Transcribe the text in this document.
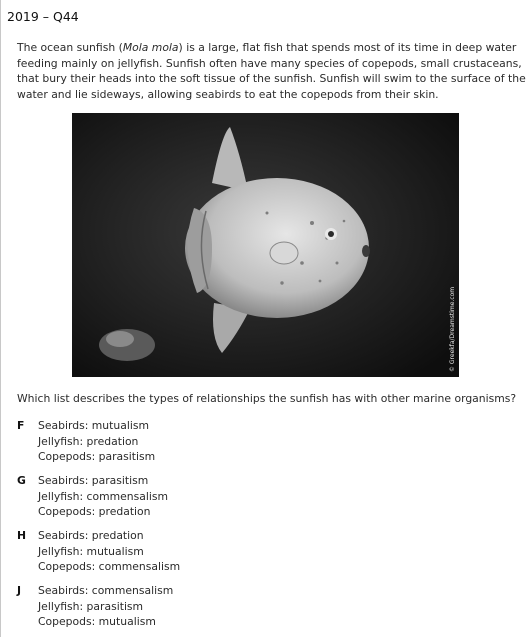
2019 – Q44
The ocean sunfish (Mola mola) is a large, flat fish that spends most of its time in deep water
feeding mainly on jellyfish. Sunfish often have many species of copepods, small crustaceans,
that bury their heads into the soft tissue of the sunfish. Sunfish will swim to the surface of the
water and lie sideways, allowing seabirds to eat the copepods from their skin.
© Greekfa/Dreamstime.com
Which list describes the types of relationships the sunfish has with other marine organisms?
F	Seabirds: mutualism
Jellyfish: predation
Copepods: parasitism
G	Seabirds: parasitism
Jellyfish: commensalism
Copepods: predation
H	Seabirds: predation
Jellyfish: mutualism
Copepods: commensalism
J	Seabirds: commensalism
Jellyfish: parasitism
Copepods: mutualism
